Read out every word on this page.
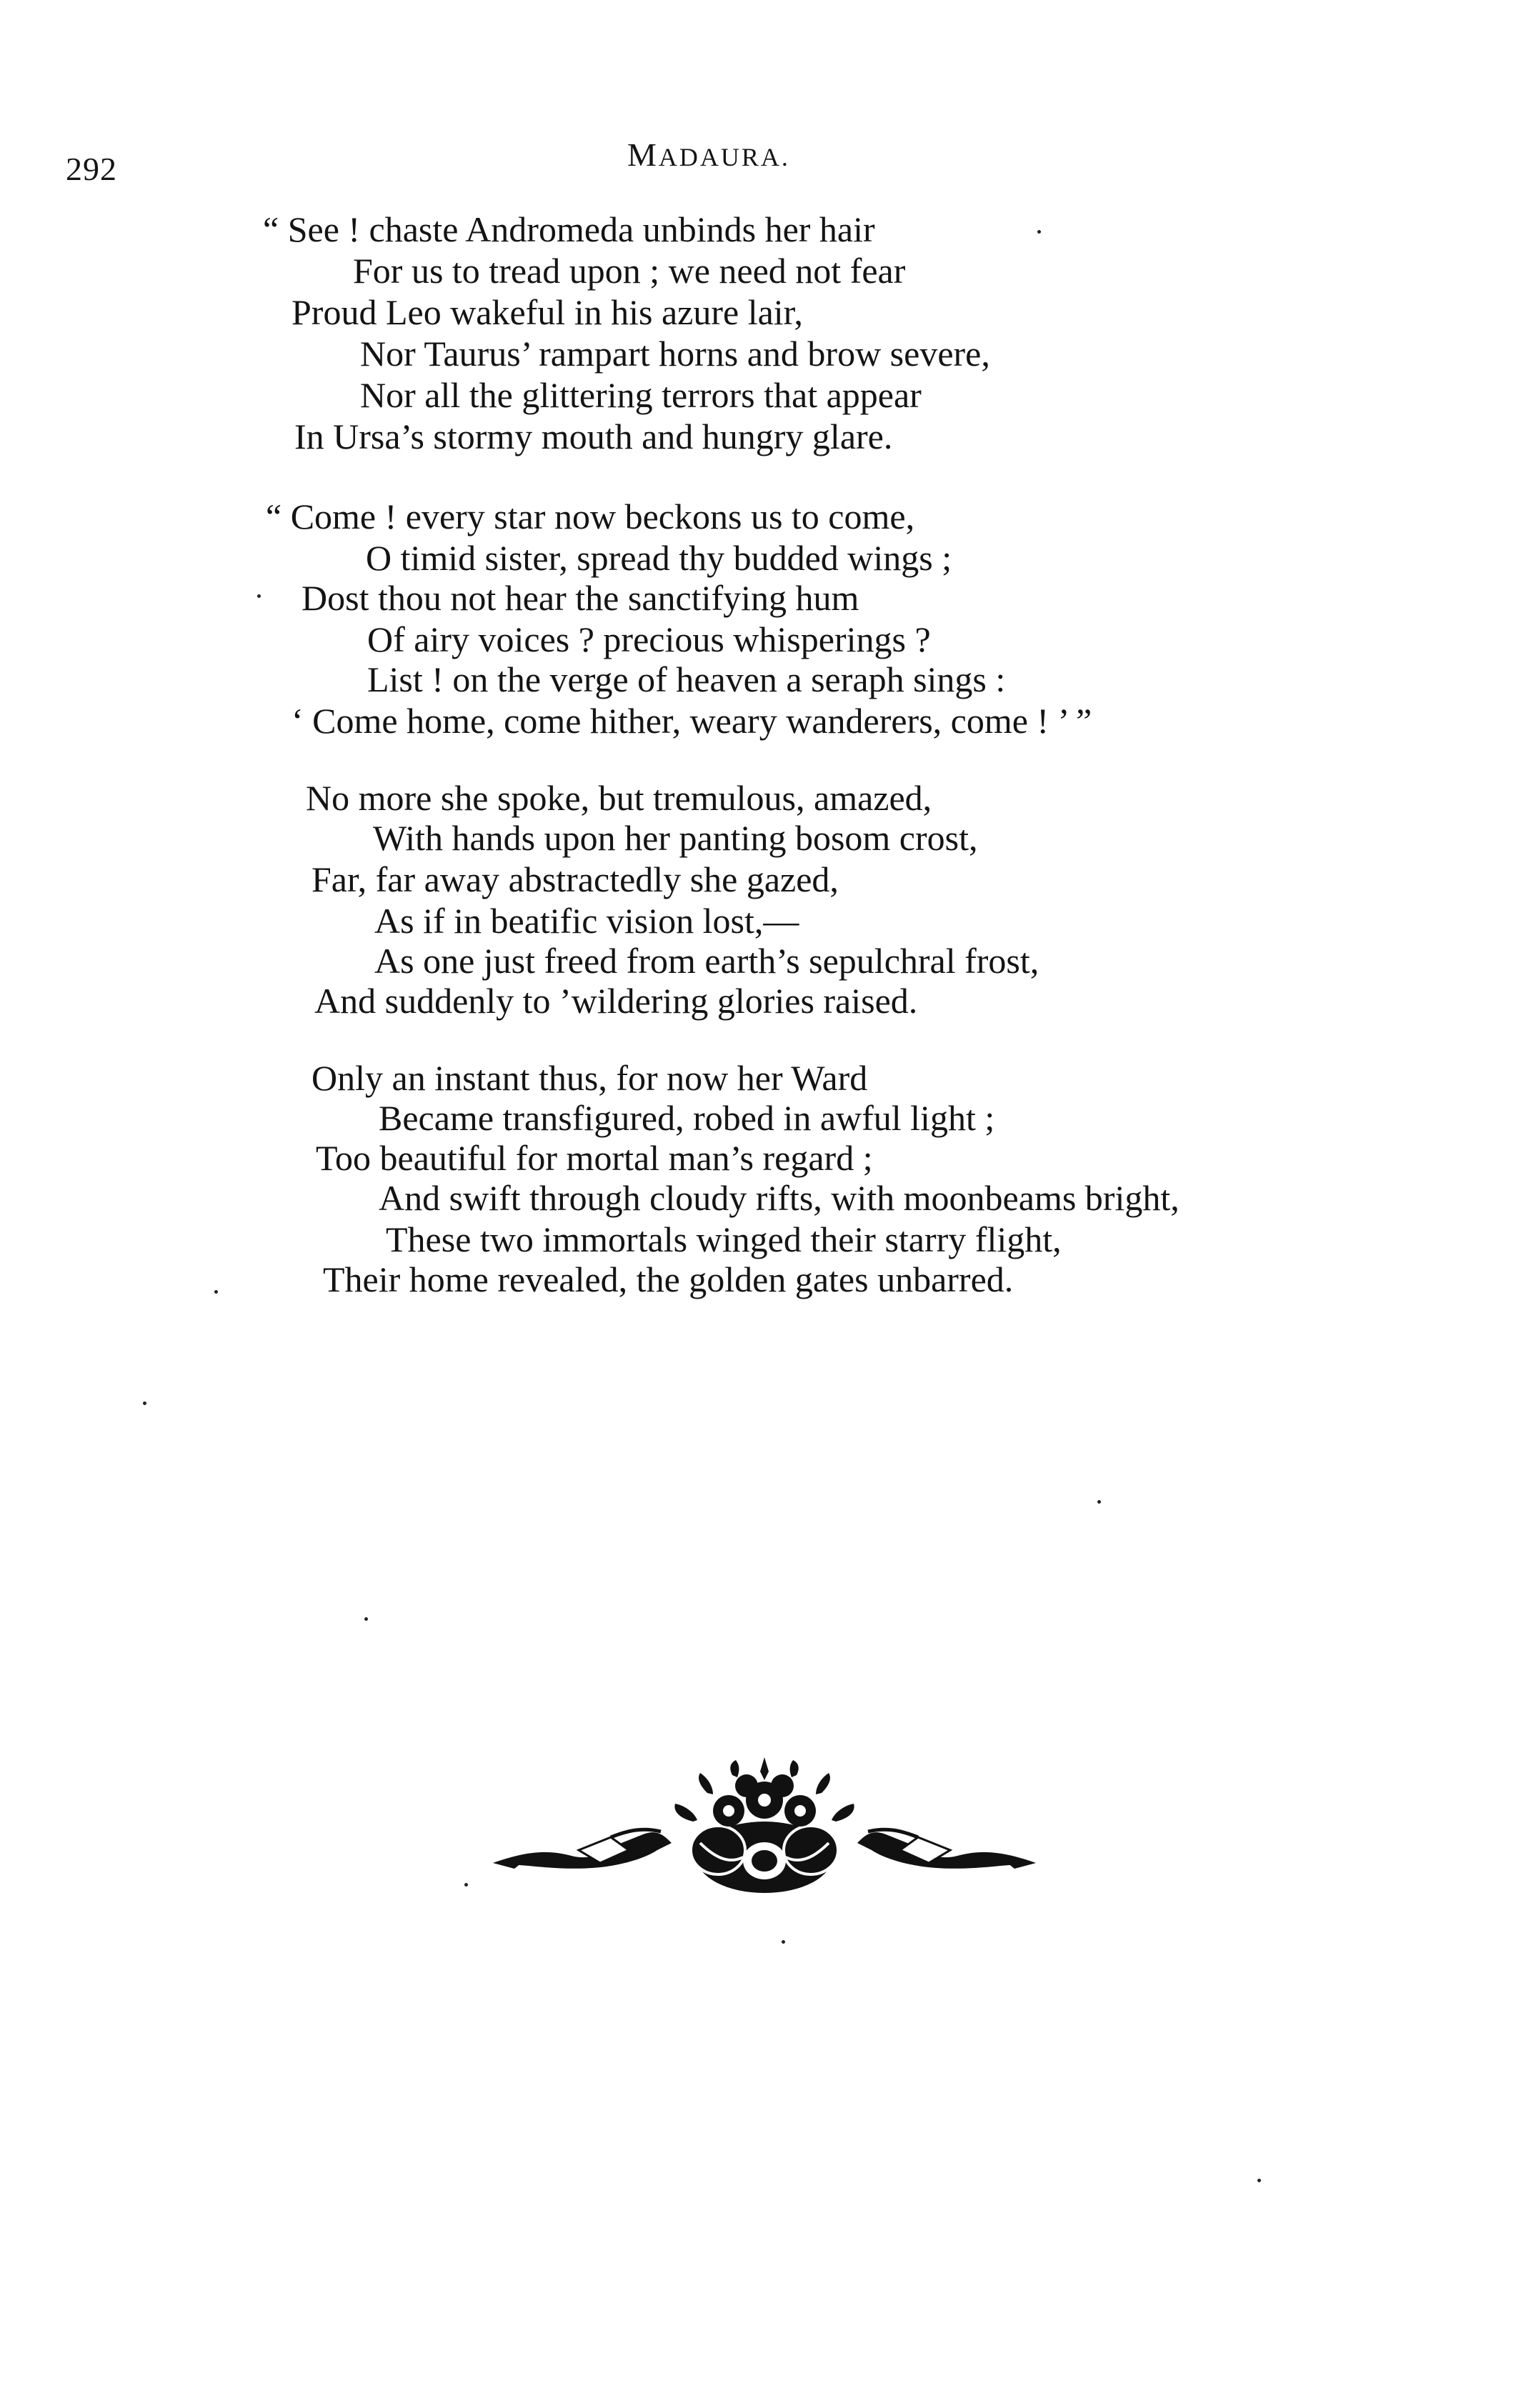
292	MADAURA.
“ See ! chaste Andromeda unbinds her hair
For us to tread upon ; we need not fear
Proud Leo wakeful in his azure lair,
Nor Taurus’ rampart horns and brow severe,
Nor all the glittering terrors that appear
In Ursa’s stormy mouth and hungry glare.
“ Come ! every star now beckons us to come,
O timid sister, spread thy budded wings ;
Dost thou not hear the sanctifying hum
Of airy voices ? precious whisperings ?
List ! on the verge of heaven a seraph sings :
‘ Come home, come hither, weary wanderers, come ! ’ ”
No more she spoke, but tremulous, amazed,
With hands upon her panting bosom crost,
Far, far away abstractedly she gazed,
As if in beatific vision lost,—
As one just freed from earth’s sepulchral frost,
And suddenly to ’wildering glories raised.
Only an instant thus, for now her Ward
Became transfigured, robed in awful light ;
Too beautiful for mortal man’s regard ;
And swift through cloudy rifts, with moonbeams bright,
These two immortals winged their starry flight,
Their home revealed, the golden gates unbarred.
